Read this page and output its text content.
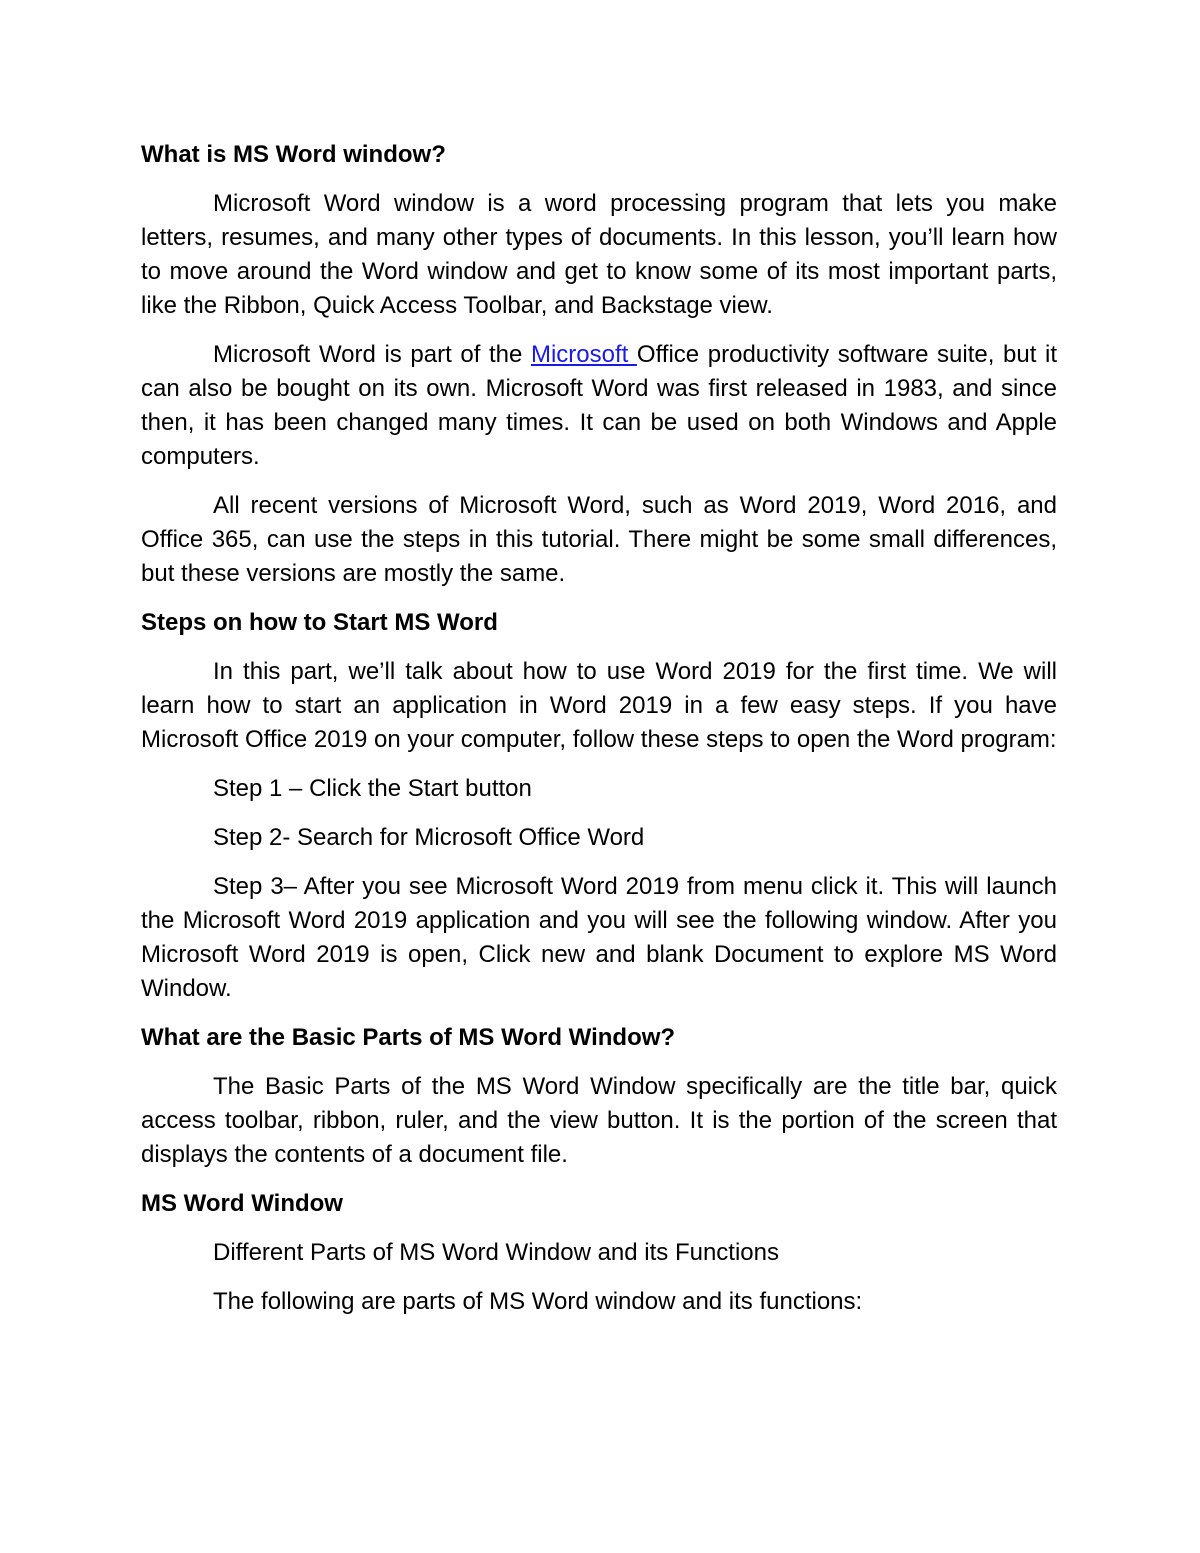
What is MS Word window?

Microsoft Word window is a word processing program that lets you make letters, resumes, and many other types of documents. In this lesson, you’ll learn how to move around the Word window and get to know some of its most important parts, like the Ribbon, Quick Access Toolbar, and Backstage view.

Microsoft Word is part of the Microsoft Office productivity software suite, but it can also be bought on its own. Microsoft Word was first released in 1983, and since then, it has been changed many times. It can be used on both Windows and Apple computers.

All recent versions of Microsoft Word, such as Word 2019, Word 2016, and Office 365, can use the steps in this tutorial. There might be some small differences, but these versions are mostly the same.

Steps on how to Start MS Word

In this part, we’ll talk about how to use Word 2019 for the first time. We will learn how to start an application in Word 2019 in a few easy steps. If you have Microsoft Office 2019 on your computer, follow these steps to open the Word program:

Step 1 – Click the Start button
Step 2- Search for Microsoft Office Word

Step 3– After you see Microsoft Word 2019 from menu click it. This will launch the Microsoft Word 2019 application and you will see the following window. After you Microsoft Word 2019 is open, Click new and blank Document to explore MS Word Window.

What are the Basic Parts of MS Word Window?

The Basic Parts of the MS Word Window specifically are the title bar, quick access toolbar, ribbon, ruler, and the view button. It is the portion of the screen that displays the contents of a document file.

MS Word Window
Different Parts of MS Word Window and its Functions
The following are parts of MS Word window and its functions:
